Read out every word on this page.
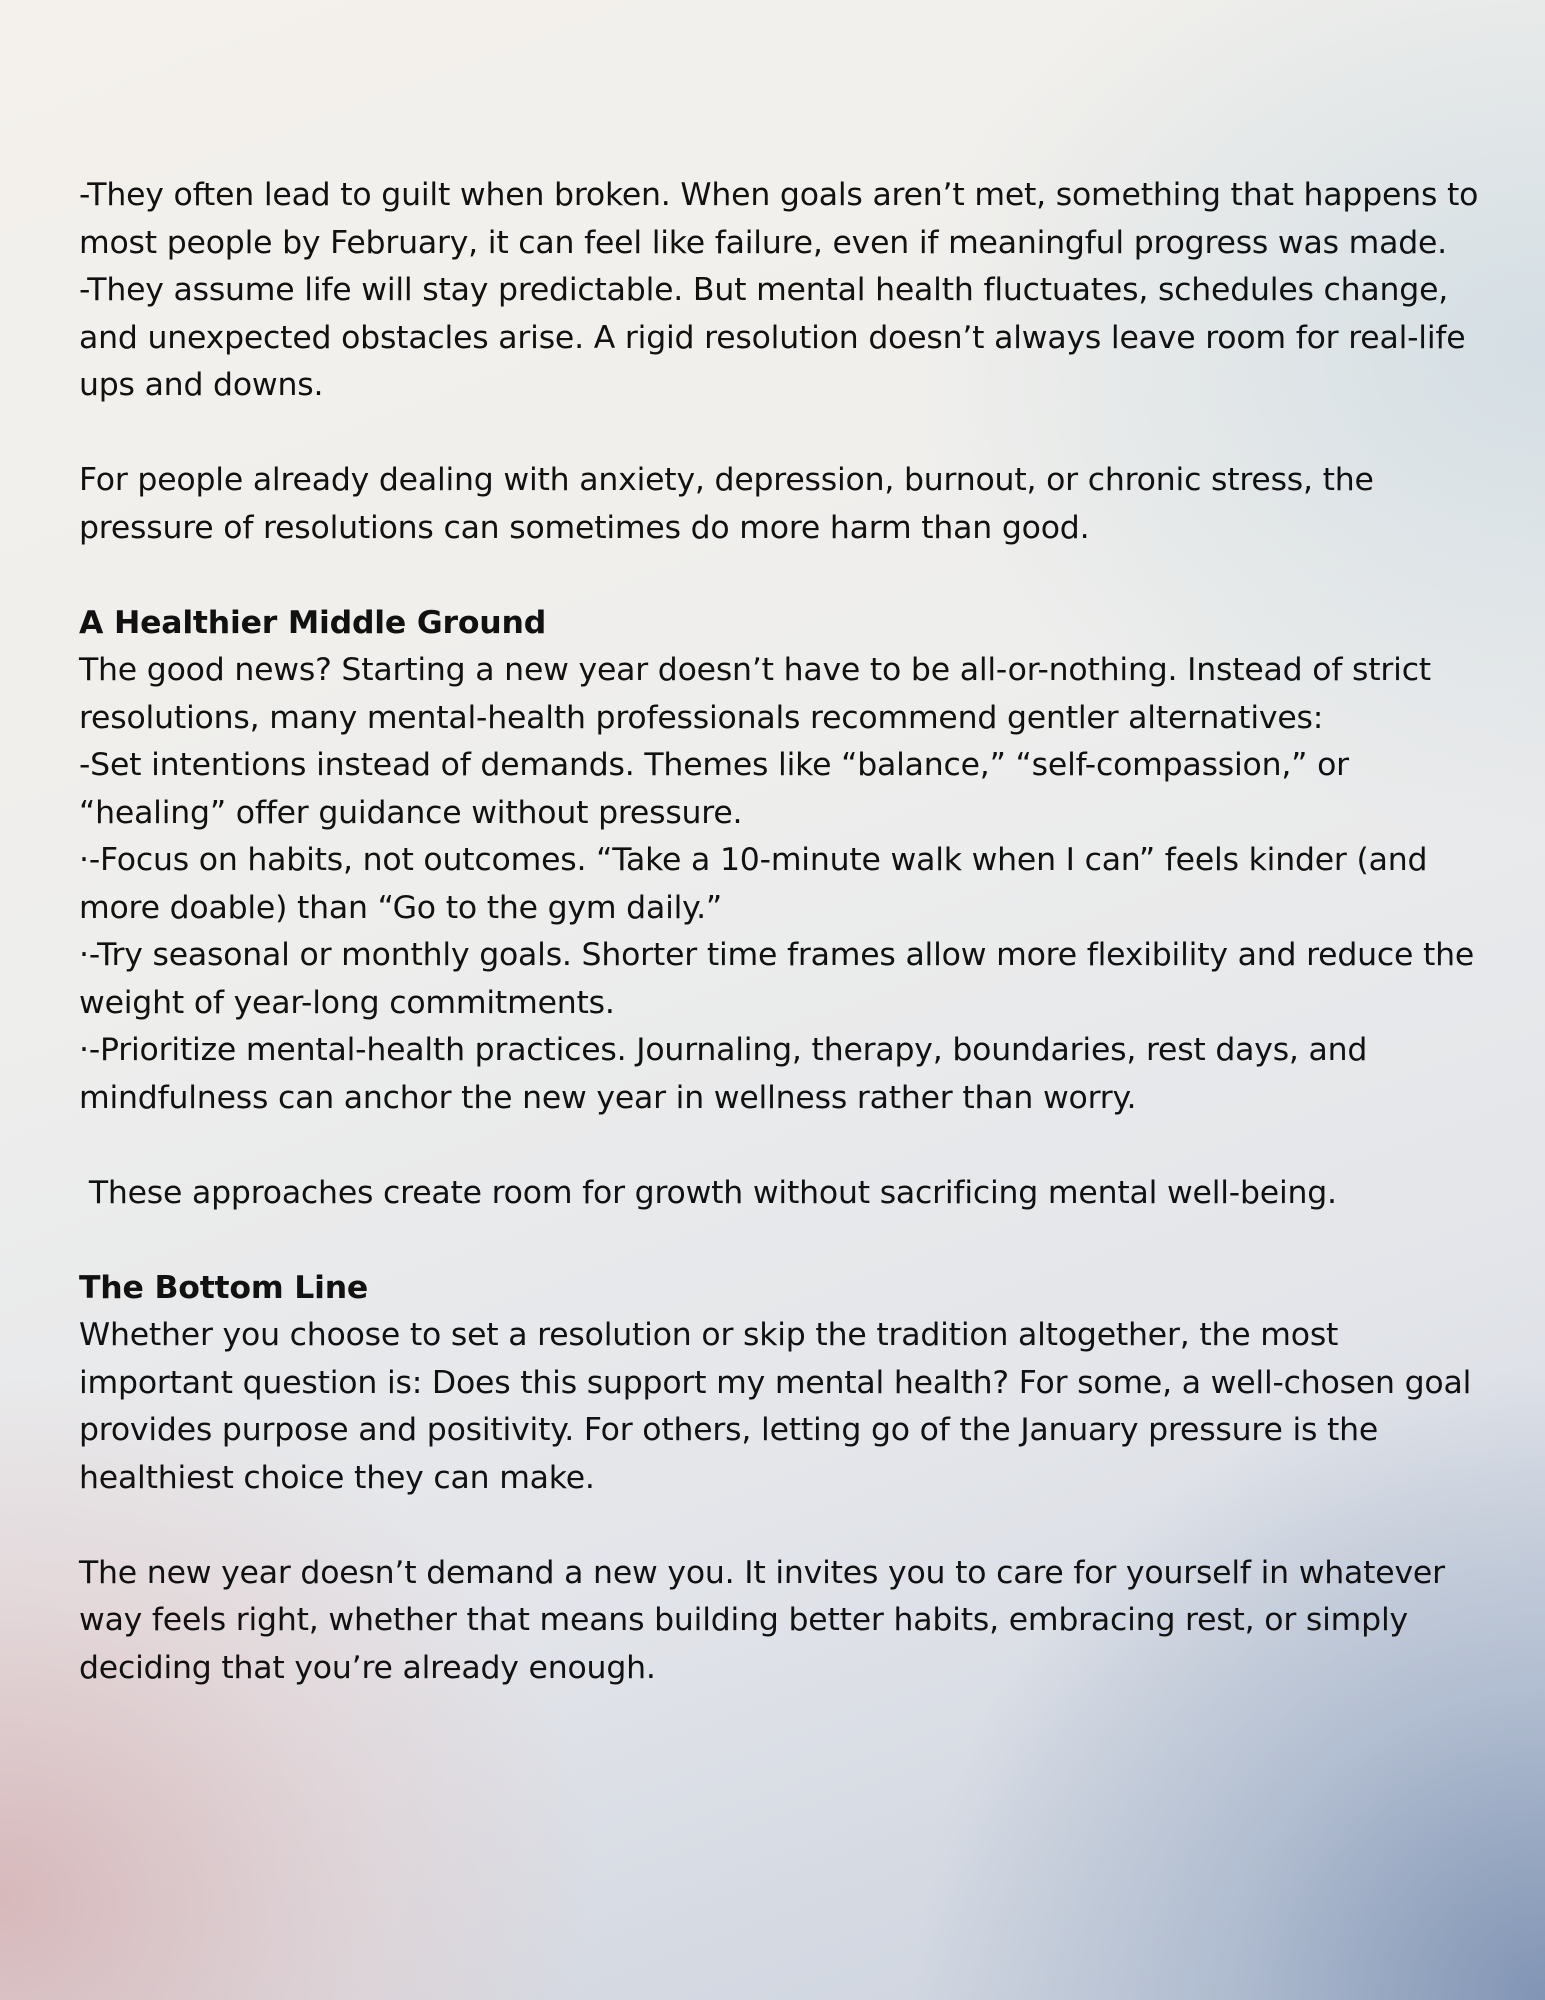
-They often lead to guilt when broken. When goals aren’t met, something that happens to most people by February, it can feel like failure, even if meaningful progress was made.

-They assume life will stay predictable. But mental health fluctuates, schedules change, and unexpected obstacles arise. A rigid resolution doesn’t always leave room for real-life ups and downs.

For people already dealing with anxiety, depression, burnout, or chronic stress, the pressure of resolutions can sometimes do more harm than good.

A Healthier Middle Ground

The good news? Starting a new year doesn’t have to be all-or-nothing. Instead of strict resolutions, many mental-health professionals recommend gentler alternatives:

-Set intentions instead of demands. Themes like “balance,” “self-compassion,” or “healing” offer guidance without pressure.

·-Focus on habits, not outcomes. “Take a 10-minute walk when I can” feels kinder (and more doable) than “Go to the gym daily.”

·-Try seasonal or monthly goals. Shorter time frames allow more flexibility and reduce the weight of year-long commitments.

·-Prioritize mental-health practices. Journaling, therapy, boundaries, rest days, and mindfulness can anchor the new year in wellness rather than worry.

These approaches create room for growth without sacrificing mental well-being.

The Bottom Line

Whether you choose to set a resolution or skip the tradition altogether, the most important question is: Does this support my mental health? For some, a well-chosen goal provides purpose and positivity. For others, letting go of the January pressure is the healthiest choice they can make.

The new year doesn’t demand a new you. It invites you to care for yourself in whatever way feels right, whether that means building better habits, embracing rest, or simply deciding that you’re already enough.
